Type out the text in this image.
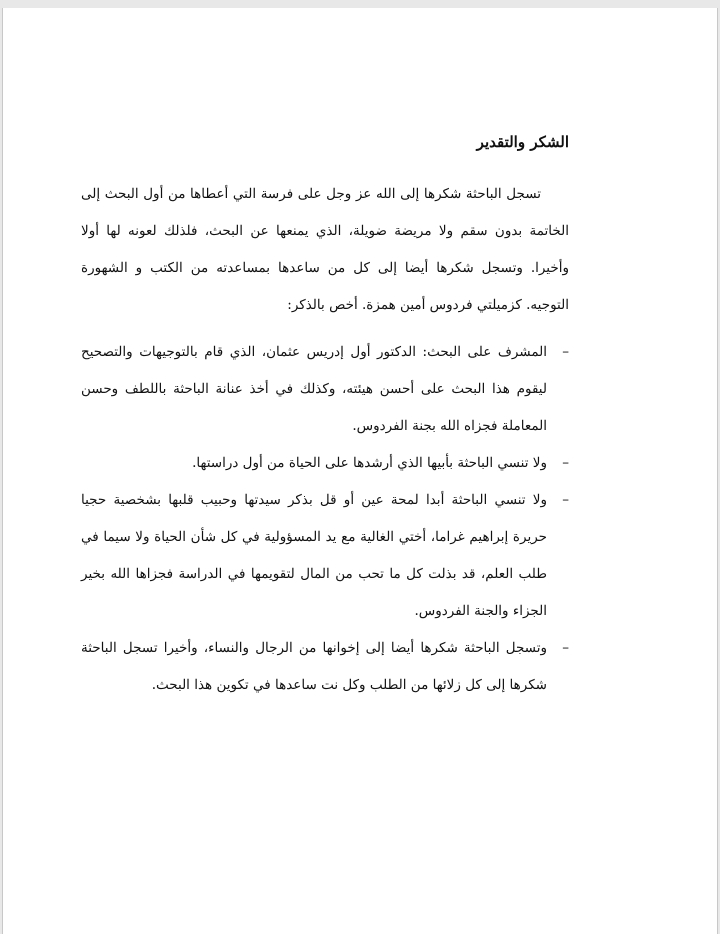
الشكر والتقدير

تسجل الباحثة شكرها إلى الله عز وجل على فرسة التي أعطاها من أول البحث إلى الخاتمة بدون سقم ولا مريضة ضويلة، الذي يمنعها عن البحث، فلذلك لعونه لها أولا وأخيرا. وتسجل شكرها أيضا إلى كل من ساعدها بمساعدته من الكتب و الشهورة التوجيه. كزميلتي فردوس أمين همزة. أخص بالذكر:

–
المشرف على البحث: الدكتور أول إدريس عثمان، الذي قام بالتوجيهات والتصحيح ليقوم هذا البحث على أحسن هيئته، وكذلك في أخذ عنانة الباحثة باللطف وحسن المعاملة فجزاه الله بجنة الفردوس.
–
ولا تنسي الباحثة بأبيها الذي أرشدها على الحياة من أول دراستها.
–
ولا تنسي الباحثة أبدا لمحة عين أو قل بذكر سيدتها وحبيب قلبها بشخصية حجيا حريرة إبراهيم غراما، أختي الغالية مع يد المسؤولية في كل شأن الحياة ولا سيما في طلب العلم، قد بذلت كل ما تحب من المال لتقويمها في الدراسة فجزاها الله بخير الجزاء والجنة الفردوس.
–
وتسجل الباحثة شكرها أيضا إلى إخوانها من الرجال والنساء، وأخيرا تسجل الباحثة شكرها إلى كل زلائها من الطلب وكل نت ساعدها في تكوين هذا البحث.
